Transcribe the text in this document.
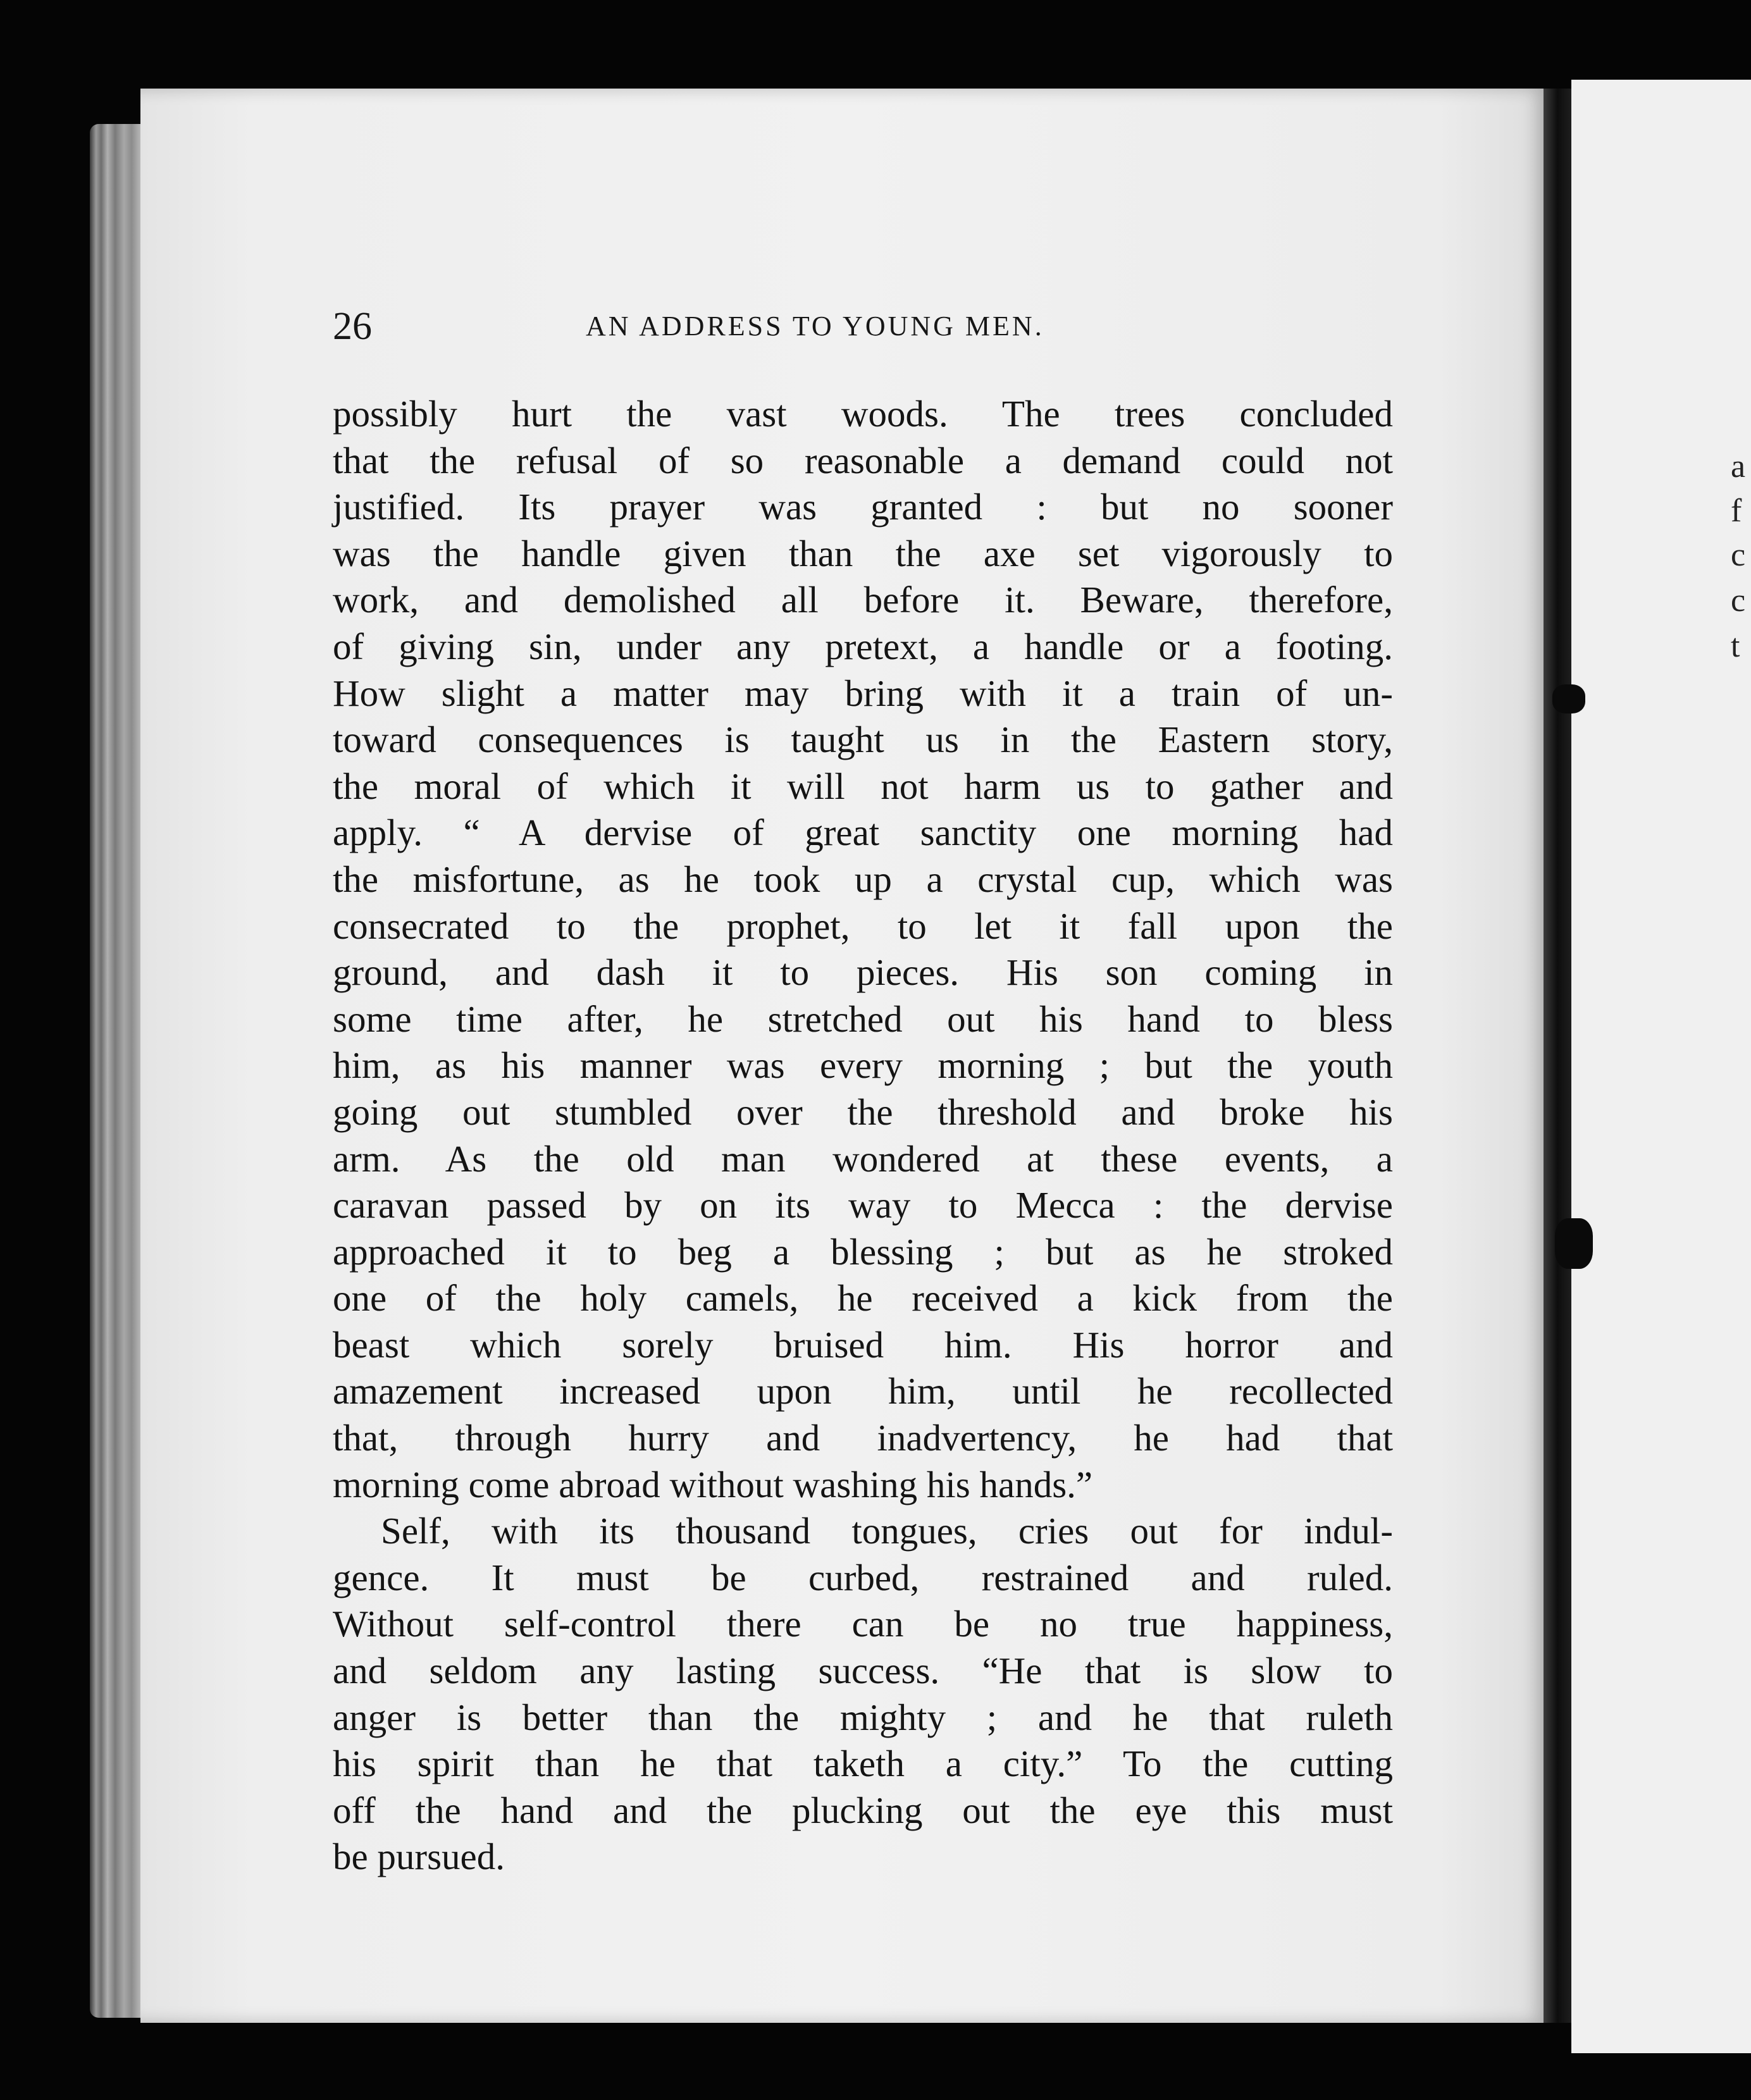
a
f
c
c
t
26	AN ADDRESS TO YOUNG MEN.
possibly hurt the vast woods. The trees concluded
that the refusal of so reasonable a demand could not
justified. Its prayer was granted : but no sooner
was the handle given than the axe set vigorously to
work, and demolished all before it. Beware, therefore,
of giving sin, under any pretext, a handle or a footing.
How slight a matter may bring with it a train of un-
toward consequences is taught us in the Eastern story,
the moral of which it will not harm us to gather and
apply. “ A dervise of great sanctity one morning had
the misfortune, as he took up a crystal cup, which was
consecrated to the prophet, to let it fall upon the
ground, and dash it to pieces. His son coming in
some time after, he stretched out his hand to bless
him, as his manner was every morning ; but the youth
going out stumbled over the threshold and broke his
arm. As the old man wondered at these events, a
caravan passed by on its way to Mecca : the dervise
approached it to beg a blessing ; but as he stroked
one of the holy camels, he received a kick from the
beast which sorely bruised him. His horror and
amazement increased upon him, until he recollected
that, through hurry and inadvertency, he had that
morning come abroad without washing his hands.”
Self, with its thousand tongues, cries out for indul-
gence. It must be curbed, restrained and ruled.
Without self-control there can be no true happiness,
and seldom any lasting success. “He that is slow to
anger is better than the mighty ; and he that ruleth
his spirit than he that taketh a city.” To the cutting
off the hand and the plucking out the eye this must
be pursued.
